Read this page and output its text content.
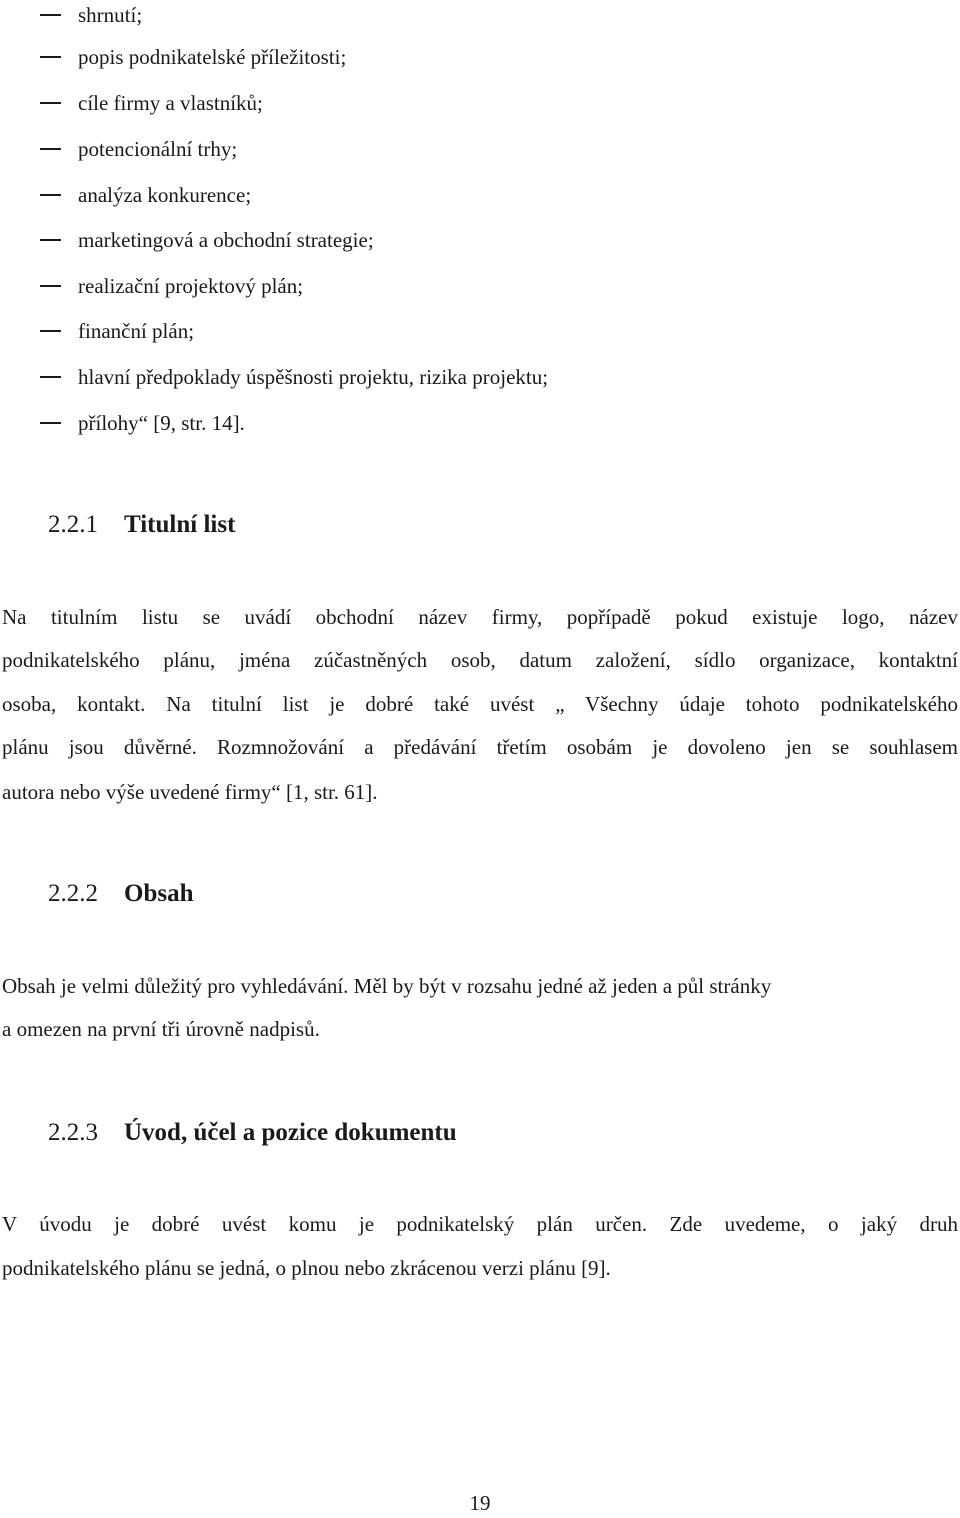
shrnutí;
popis podnikatelské příležitosti;
cíle firmy a vlastníků;
potencionální trhy;
analýza konkurence;
marketingová a obchodní strategie;
realizační projektový plán;
finanční plán;
hlavní předpoklady úspěšnosti projektu, rizika projektu;
přílohy“ [9, str. 14].
2.2.1 Titulní list
Na titulním listu se uvádí obchodní název firmy, popřípadě pokud existuje logo, název
podnikatelského plánu, jména zúčastněných osob, datum založení, sídlo organizace, kontaktní
osoba, kontakt. Na titulní list je dobré také uvést „ Všechny údaje tohoto podnikatelského
plánu jsou důvěrné. Rozmnožování a předávání třetím osobám je dovoleno jen se souhlasem
autora nebo výše uvedené firmy“ [1, str. 61].
2.2.2 Obsah
Obsah je velmi důležitý pro vyhledávání. Měl by být v rozsahu jedné až jeden a půl stránky
a omezen na první tři úrovně nadpisů.
2.2.3 Úvod, účel a pozice dokumentu
V úvodu je dobré uvést komu je podnikatelský plán určen. Zde uvedeme, o jaký druh
podnikatelského plánu se jedná, o plnou nebo zkrácenou verzi plánu [9].
19
